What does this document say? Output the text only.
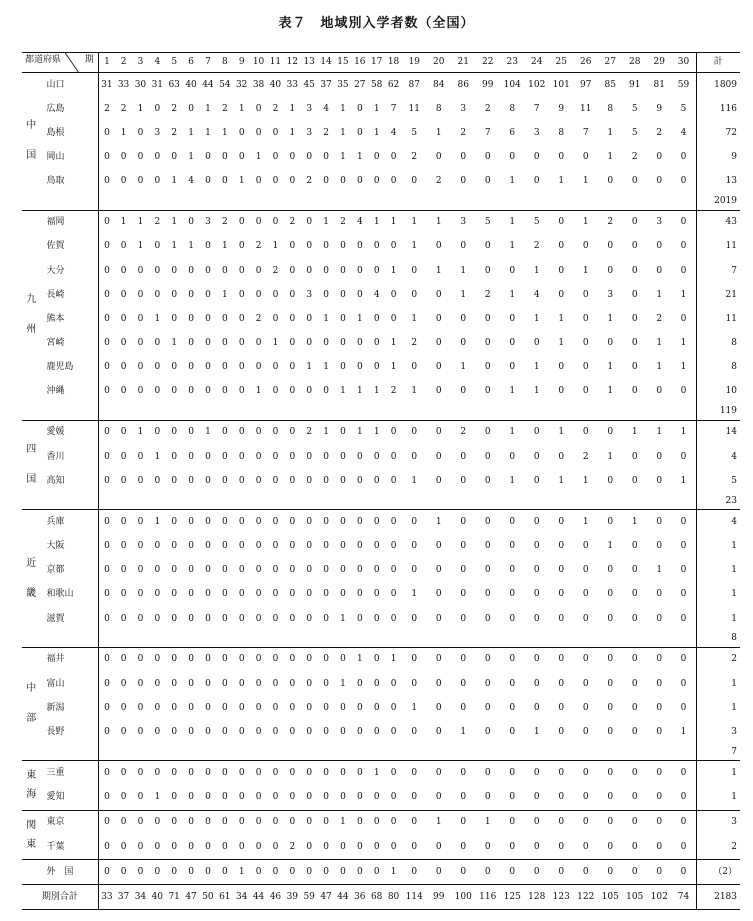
表７　地域別入学者数（全国）
都道府県 期		1	2	3	4	5	6	7	8	9	10	11	12	13	14	15	16	17	18	19	20	21	22	23	24	25	26	27	28	29	30	計

中
国	山口	31	33	30	31	63	40	44	54	32	38	40	33	45	37	35	27	58	62	87	84	86	99	104	102	101	97	85	91	81	59	1809
	広島	2	2	1	0	2	0	1	2	1	0	2	1	3	4	1	0	1	7	11	8	3	2	8	7	9	11	8	5	9	5	116
	島根	0	1	0	3	2	1	1	1	0	0	0	1	3	2	1	0	1	4	5	1	2	7	6	3	8	7	1	5	2	4	72
	岡山	0	0	0	0	0	1	0	0	0	1	0	0	0	0	1	1	0	0	2	0	0	0	0	0	0	0	1	2	0	0	9
	鳥取	0	0	0	0	1	4	0	0	1	0	0	0	2	0	0	0	0	0	0	2	0	0	1	0	1	1	0	0	0	0	13
																																2019

九
州	福岡	0	1	1	2	1	0	3	2	0	0	0	2	0	1	2	4	1	1	1	1	3	5	1	5	0	1	2	0	3	0	43
	佐賀	0	0	1	0	1	1	0	1	0	2	1	0	0	0	0	0	0	0	1	0	0	0	1	2	0	0	0	0	0	0	11
	大分	0	0	0	0	0	0	0	0	0	0	2	0	0	0	0	0	0	1	0	1	1	0	0	1	0	1	0	0	0	0	7
	長崎	0	0	0	0	0	0	0	1	0	0	0	0	3	0	0	0	4	0	0	0	1	2	1	4	0	0	3	0	1	1	21
	熊本	0	0	0	1	0	0	0	0	0	2	0	0	0	1	0	1	0	0	1	0	0	0	0	1	1	0	1	0	2	0	11
	宮崎	0	0	0	0	1	0	0	0	0	0	1	0	0	0	0	0	0	1	2	0	0	0	0	0	1	0	0	0	1	1	8
	鹿児島	0	0	0	0	0	0	0	0	0	0	0	0	1	1	0	0	0	1	0	0	1	0	0	1	0	0	1	0	1	1	8
	沖縄	0	0	0	0	0	0	0	0	0	1	0	0	0	0	1	1	1	2	1	0	0	0	1	1	0	0	1	0	0	0	10
																																119

四
国	愛媛	0	0	1	0	0	0	1	0	0	0	0	0	2	1	0	1	1	0	0	0	2	0	1	0	1	0	0	1	1	1	14
	香川	0	0	0	1	0	0	0	0	0	0	0	0	0	0	0	0	0	0	0	0	0	0	0	0	0	2	1	0	0	0	4
	高知	0	0	0	0	0	0	0	0	0	0	0	0	0	0	0	0	0	0	1	0	0	0	1	0	1	1	0	0	0	1	5
																																23

近
畿	兵庫	0	0	0	1	0	0	0	0	0	0	0	0	0	0	0	0	0	0	0	1	0	0	0	0	0	1	0	1	0	0	4
	大阪	0	0	0	0	0	0	0	0	0	0	0	0	0	0	0	0	0	0	0	0	0	0	0	0	0	0	1	0	0	0	1
	京都	0	0	0	0	0	0	0	0	0	0	0	0	0	0	0	0	0	0	0	0	0	0	0	0	0	0	0	0	1	0	1
	和歌山	0	0	0	0	0	0	0	0	0	0	0	0	0	0	0	0	0	0	1	0	0	0	0	0	0	0	0	0	0	0	1
	滋賀	0	0	0	0	0	0	0	0	0	0	0	0	0	0	1	0	0	0	0	0	0	0	0	0	0	0	0	0	0	0	1
																																8

中
部	福井	0	0	0	0	0	0	0	0	0	0	0	0	0	0	0	1	0	1	0	0	0	0	0	0	0	0	0	0	0	0	2
	富山	0	0	0	0	0	0	0	0	0	0	0	0	0	0	1	0	0	0	0	0	0	0	0	0	0	0	0	0	0	0	1
	新潟	0	0	0	0	0	0	0	0	0	0	0	0	0	0	0	0	0	0	1	0	0	0	0	0	0	0	0	0	0	0	1
	長野	0	0	0	0	0	0	0	0	0	0	0	0	0	0	0	0	0	0	0	0	1	0	0	1	0	0	0	0	0	1	3
																																7

東
海	三重	0	0	0	0	0	0	0	0	0	0	0	0	0	0	0	0	1	0	0	0	0	0	0	0	0	0	0	0	0	0	1
	愛知	0	0	0	1	0	0	0	0	0	0	0	0	0	0	0	0	0	0	0	0	0	0	0	0	0	0	0	0	0	0	1

関
東	東京	0	0	0	0	0	0	0	0	0	0	0	0	0	0	1	0	0	0	0	1	0	1	0	0	0	0	0	0	0	0	3
	千葉	0	0	0	0	0	0	0	0	0	0	0	2	0	0	0	0	0	0	0	0	0	0	0	0	0	0	0	0	0	0	2
外　国		0	0	0	0	0	0	0	0	1	0	0	0	0	0	0	0	0	1	0	0	0	0	0	0	0	0	0	0	0	0	（2）
期別合計		33	37	34	40	71	47	50	61	34	44	46	39	59	47	44	36	68	80	114	99	100	116	125	128	123	122	105	105	102	74	2183
